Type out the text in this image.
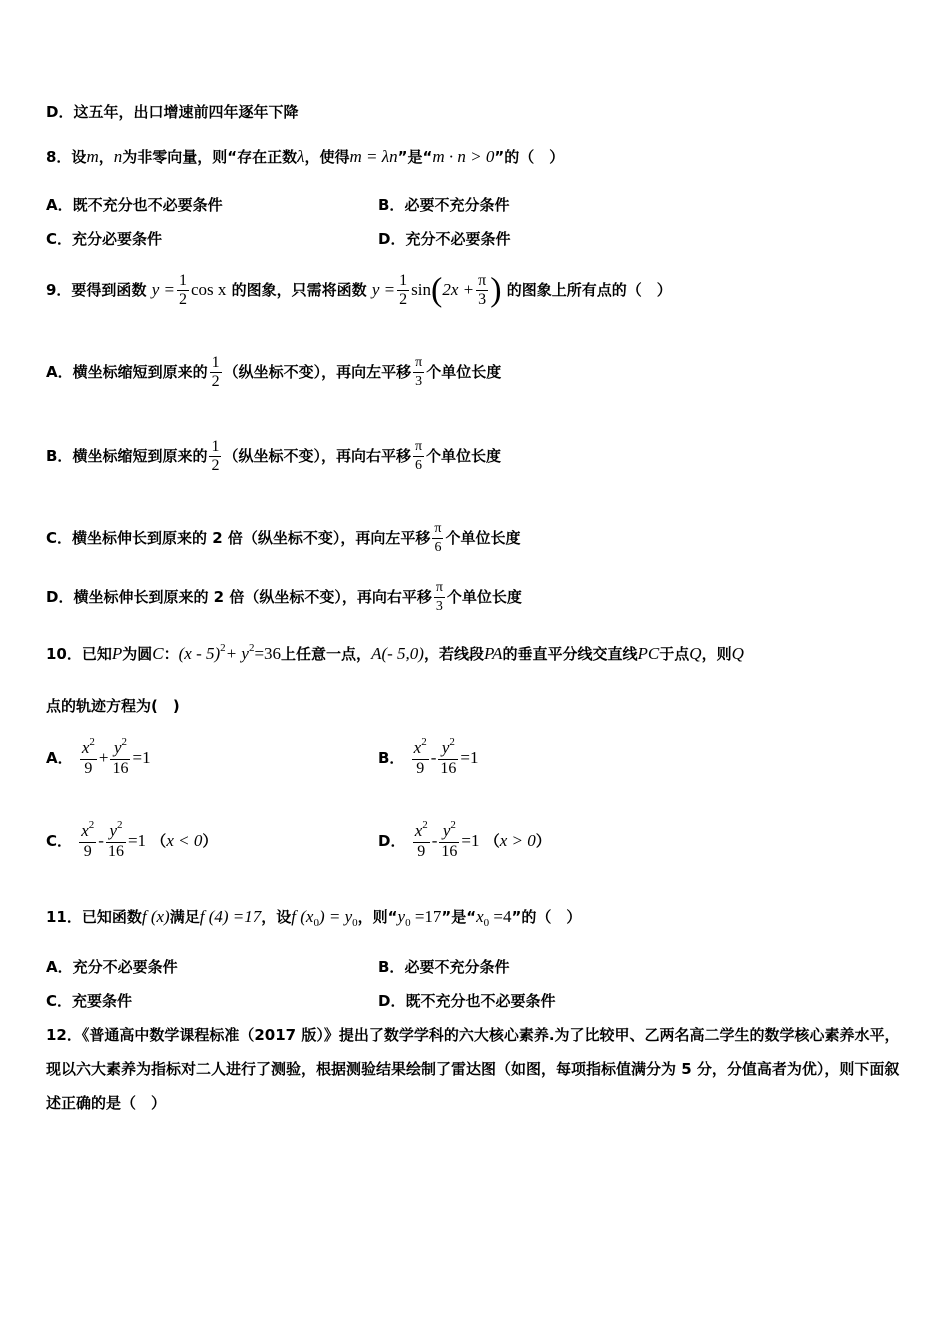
D．这五年，出口增速前四年逐年下降
8．设m，n为非零向量，则“存在正数λ，使得m = λn”是“m · n > 0”的（　）
A．既不充分也不必要条件	B．必要不充分条件
C．充分必要条件	D．充分不必要条件
9．要得到函数 $y = \frac{1}{2}$ cos x 的图象，只需将函数 $y = \frac{1}{2} \sin(2x + \frac{\pi}{3}$ ) 的图象上所有点的（　）
A．横坐标缩短到原来的 $\frac{1}{2}$ （纵坐标不变），再向左平移 $\frac{\pi}{3}$ 个单位长度
B．横坐标缩短到原来的 $\frac{1}{2}$ （纵坐标不变），再向右平移 $\frac{\pi}{6}$ 个单位长度
C．横坐标伸长到原来的 2 倍（纵坐标不变），再向左平移 $\frac{\pi}{6}$ 个单位长度
D．横坐标伸长到原来的 2 倍（纵坐标不变），再向右平移 $\frac{\pi}{3}$ 个单位长度
10．已知P为圆C：$(x - 5)^2+ y^2=36$上任意一点，A(- 5,0)，若线段PA的垂直平分线交直线PC于点Q，则Q
点的轨迹方程为(　)
A． $\frac{x^2}{9} + \frac{y^2}{16} =1$	B． $\frac{x^2}{9} - \frac{y^2}{16} =1$
C． $\frac{x^2}{9} - \frac{y^2}{16} =1$ （x < 0）	D． $\frac{x^2}{9} - \frac{y^2}{16} =1$ （x > 0）
11．已知函数f (x)满足f (4) =17，设f $(x_0) = y_0$，则“$y_0 =17$”是“$x_0 =4$”的（　）
A．充分不必要条件	B．必要不充分条件
C．充要条件	D．既不充分也不必要条件
12．《普通高中数学课程标准（2017 版）》提出了数学学科的六大核心素养.为了比较甲、乙两名高二学生的数学核心素养水平，现以六大素养为指标对二人进行了测验，根据测验结果绘制了雷达图（如图，每项指标值满分为 5 分，分值高者为优），则下面叙述正确的是（　）
